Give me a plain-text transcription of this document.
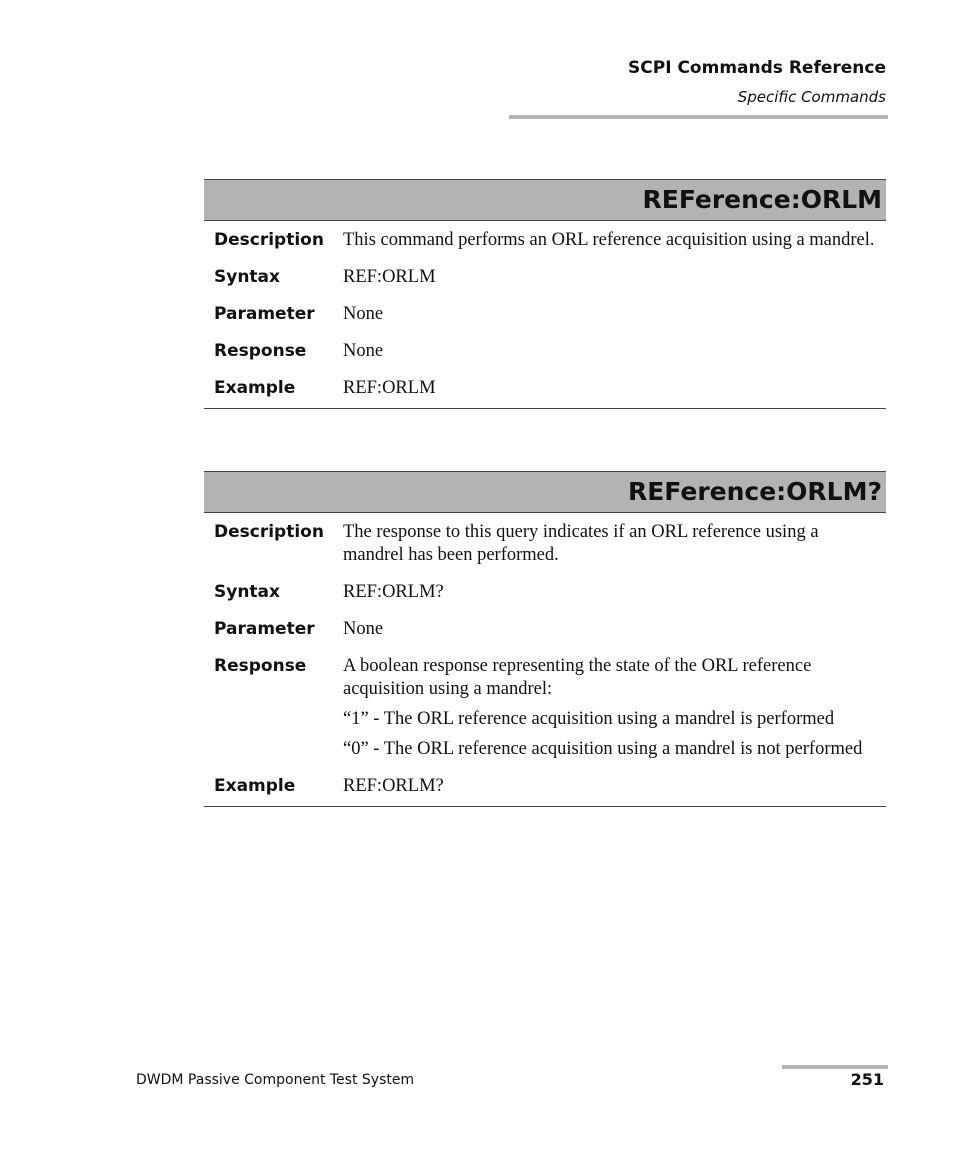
SCPI Commands Reference
Specific Commands
REFerence:ORLM
Description	This command performs an ORL reference acquisition using a mandrel.
Syntax	REF:ORLM
Parameter	None
Response	None

Example	REF:ORLM
REFerence:ORLM?
Description	The response to this query indicates if an ORL reference using a mandrel has been performed.
Syntax	REF:ORLM?
Parameter	None
Response	A boolean response representing the state of the ORL reference acquisition using a mandrel:

“1” - The ORL reference acquisition using a mandrel is performed

“0” - The ORL reference acquisition using a mandrel is not performed

Example	REF:ORLM?
DWDM Passive Component Test System	251
